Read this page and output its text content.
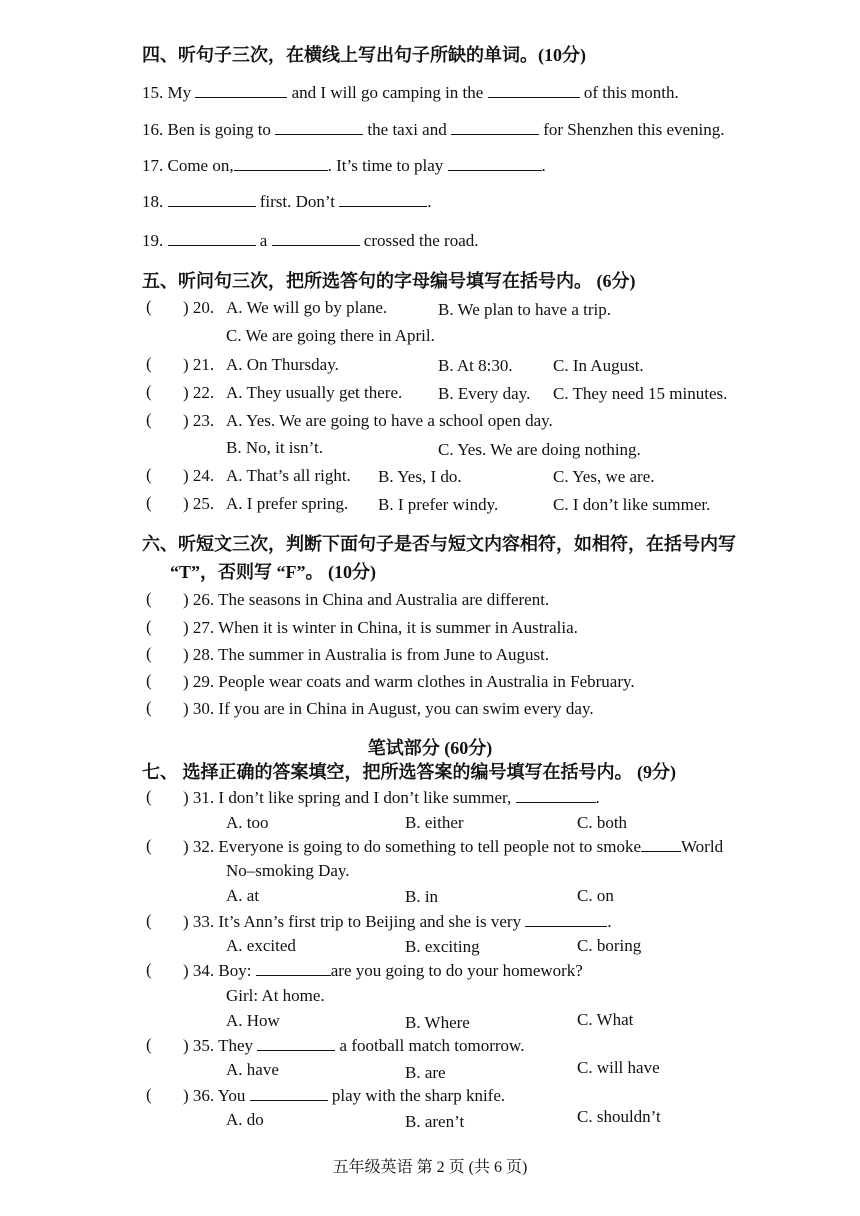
四、听句子三次，在横线上写出句子所缺的单词。(10分)
15. My	and I will go camping in the	of this month.
16. Ben is going to	the taxi and	for Shenzhen this evening.
17. Come on,	. It’s time to play	.
18.	first. Don’t	.
19.	a	crossed the road.
五、听问句三次，把所选答句的字母编号填写在括号内。 (6分)
( ) 20. A. We will go by plane.	B. We plan to have a trip.
C. We are going there in April.
( ) 21. A. On Thursday.	B. At 8:30. C. In August.
( ) 22. A. They usually get there. B. Every day. C. They need 15 minutes.
( ) 23. A. Yes. We are going to have a school open day.
B. No, it isn’t.	C. Yes. We are doing nothing.
( ) 24. A. That’s all right. B. Yes, I do.	C. Yes, we are.
( ) 25. A. I prefer spring. B. I prefer windy.	C. I don’t like summer.
六、听短文三次，判断下面句子是否与短文内容相符，如相符，在括号内写
“T”，否则写 “F”。 (10分)
( ) 26. The seasons in China and Australia are different.
( ) 27. When it is winter in China, it is summer in Australia.
( ) 28. The summer in Australia is from June to August.
( ) 29. People wear coats and warm clothes in Australia in February.
( ) 30. If you are in China in August, you can swim every day.
笔试部分 (60分)
七、 选择正确的答案填空，把所选答案的编号填写在括号内。 (9分)
( ) 31. I don’t like spring and I don’t like summer,	.
A. too	B. either	C. both
( ) 32. Everyone is going to do something to tell people not to smoke World
No–smoking Day.
A. at	B. in	C. on
( ) 33. It’s Ann’s first trip to Beijing and she is very	.
A. excited	B. exciting	C. boring
( ) 34. Boy:	are you going to do your homework?
Girl: At home.
A. How	B. Where	C. What
( ) 35. They	a football match tomorrow.
A. have	B. are	C. will have
( ) 36. You	play with the sharp knife.
A. do	B. aren’t	C. shouldn’t
五年级英语 第 2 页 (共 6 页)
